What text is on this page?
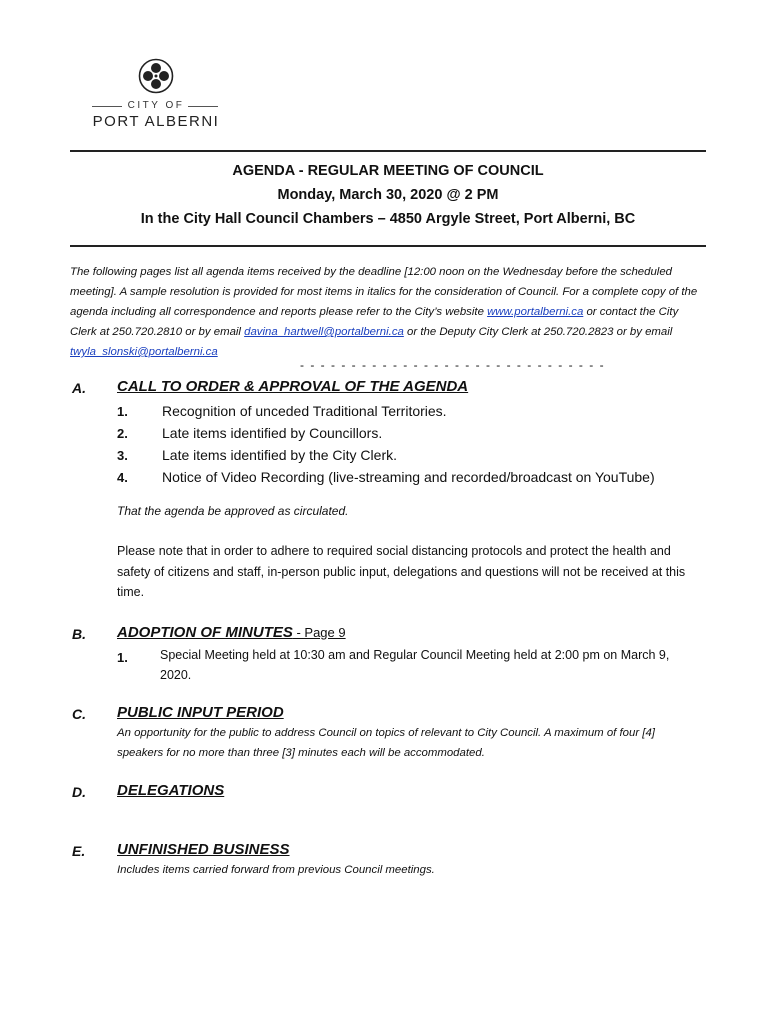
CITY OF
PORT ALBERNI
AGENDA - REGULAR MEETING OF COUNCIL
Monday, March 30, 2020 @ 2 PM
In the City Hall Council Chambers – 4850 Argyle Street, Port Alberni, BC
The following pages list all agenda items received by the deadline [12:00 noon on the Wednesday before the scheduled meeting]. A sample resolution is provided for most items in italics for the consideration of Council. For a complete copy of the agenda including all correspondence and reports please refer to the City’s website www.portalberni.ca or contact the City Clerk at 250.720.2810 or by email davina_hartwell@portalberni.ca or the Deputy City Clerk at 250.720.2823 or by email twyla_slonski@portalberni.ca
- - - - - - - - - - - - - - - - - - - - - - - - - - - - - -
A. CALL TO ORDER & APPROVAL OF THE AGENDA
1. Recognition of unceded Traditional Territories.
2. Late items identified by Councillors.
3. Late items identified by the City Clerk.
4. Notice of Video Recording (live-streaming and recorded/broadcast on YouTube)
That the agenda be approved as circulated.
Please note that in order to adhere to required social distancing protocols and protect the health and safety of citizens and staff, in-person public input, delegations and questions will not be received at this time.
B. ADOPTION OF MINUTES - Page 9
1.	Special Meeting held at 10:30 am and Regular Council Meeting held at 2:00 pm on March 9, 2020.
C. PUBLIC INPUT PERIOD
An opportunity for the public to address Council on topics of relevant to City Council. A maximum of four [4] speakers for no more than three [3] minutes each will be accommodated.
D. DELEGATIONS
E. UNFINISHED BUSINESS
Includes items carried forward from previous Council meetings.
